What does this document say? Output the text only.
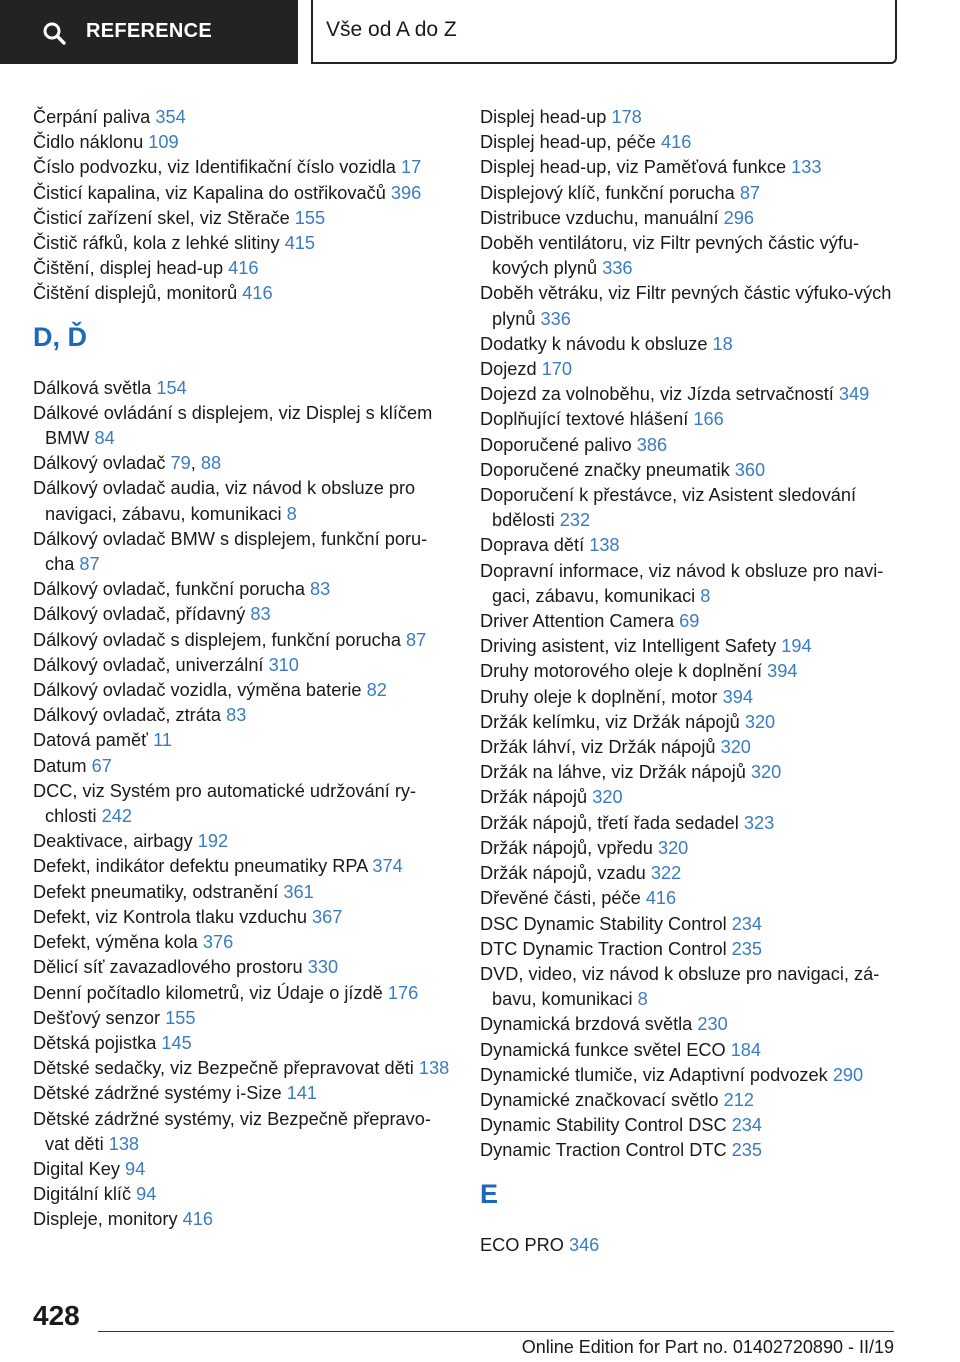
REFERENCE	Vše od A do Z
Čerpání paliva 354
Čidlo náklonu 109
Číslo podvozku, viz Identifikační číslo vozidla 17
Čisticí kapalina, viz Kapalina do ostřikovačů 396
Čisticí zařízení skel, viz Stěrače 155
Čistič ráfků, kola z lehké slitiny 415
Čištění, displej head-up 416
Čištění displejů, monitorů 416
D, Ď
Dálková světla 154
Dálkové ovládání s displejem, viz Displej s klíčem BMW 84
Dálkový ovladač 79, 88
Dálkový ovladač audia, viz návod k obsluze pro navigaci, zábavu, komunikaci 8
Dálkový ovladač BMW s displejem, funkční poru‐cha 87
Dálkový ovladač, funkční porucha 83
Dálkový ovladač, přídavný 83
Dálkový ovladač s displejem, funkční porucha 87
Dálkový ovladač, univerzální 310
Dálkový ovladač vozidla, výměna baterie 82
Dálkový ovladač, ztráta 83
Datová paměť 11
Datum 67
DCC, viz Systém pro automatické udržování ry‐chlosti 242
Deaktivace, airbagy 192
Defekt, indikátor defektu pneumatiky RPA 374
Defekt pneumatiky, odstranění 361
Defekt, viz Kontrola tlaku vzduchu 367
Defekt, výměna kola 376
Dělicí síť zavazadlového prostoru 330
Denní počítadlo kilometrů, viz Údaje o jízdě 176
Dešťový senzor 155
Dětská pojistka 145
Dětské sedačky, viz Bezpečně přepravovat děti 138
Dětské zádržné systémy i-Size 141
Dětské zádržné systémy, viz Bezpečně přepravo‐vat děti 138
Digital Key 94
Digitální klíč 94
Displeje, monitory 416
Displej head-up 178
Displej head-up, péče 416
Displej head-up, viz Paměťová funkce 133
Displejový klíč, funkční porucha 87
Distribuce vzduchu, manuální 296
Doběh ventilátoru, viz Filtr pevných částic výfu‐kových plynů 336
Doběh větráku, viz Filtr pevných částic výfuko‐vých plynů 336
Dodatky k návodu k obsluze 18
Dojezd 170
Dojezd za volnoběhu, viz Jízda setrvačností 349
Doplňující textové hlášení 166
Doporučené palivo 386
Doporučené značky pneumatik 360
Doporučení k přestávce, viz Asistent sledování bdělosti 232
Doprava dětí 138
Dopravní informace, viz návod k obsluze pro navi‐gaci, zábavu, komunikaci 8
Driver Attention Camera 69
Driving asistent, viz Intelligent Safety 194
Druhy motorového oleje k doplnění 394
Druhy oleje k doplnění, motor 394
Držák kelímku, viz Držák nápojů 320
Držák láhví, viz Držák nápojů 320
Držák na láhve, viz Držák nápojů 320
Držák nápojů 320
Držák nápojů, třetí řada sedadel 323
Držák nápojů, vpředu 320
Držák nápojů, vzadu 322
Dřevěné části, péče 416
DSC Dynamic Stability Control 234
DTC Dynamic Traction Control 235
DVD, video, viz návod k obsluze pro navigaci, zá‐bavu, komunikaci 8
Dynamická brzdová světla 230
Dynamická funkce světel ECO 184
Dynamické tlumiče, viz Adaptivní podvozek 290
Dynamické značkovací světlo 212
Dynamic Stability Control DSC 234
Dynamic Traction Control DTC 235
E
ECO PRO 346
428
Online Edition for Part no. 01402720890 - II/19
